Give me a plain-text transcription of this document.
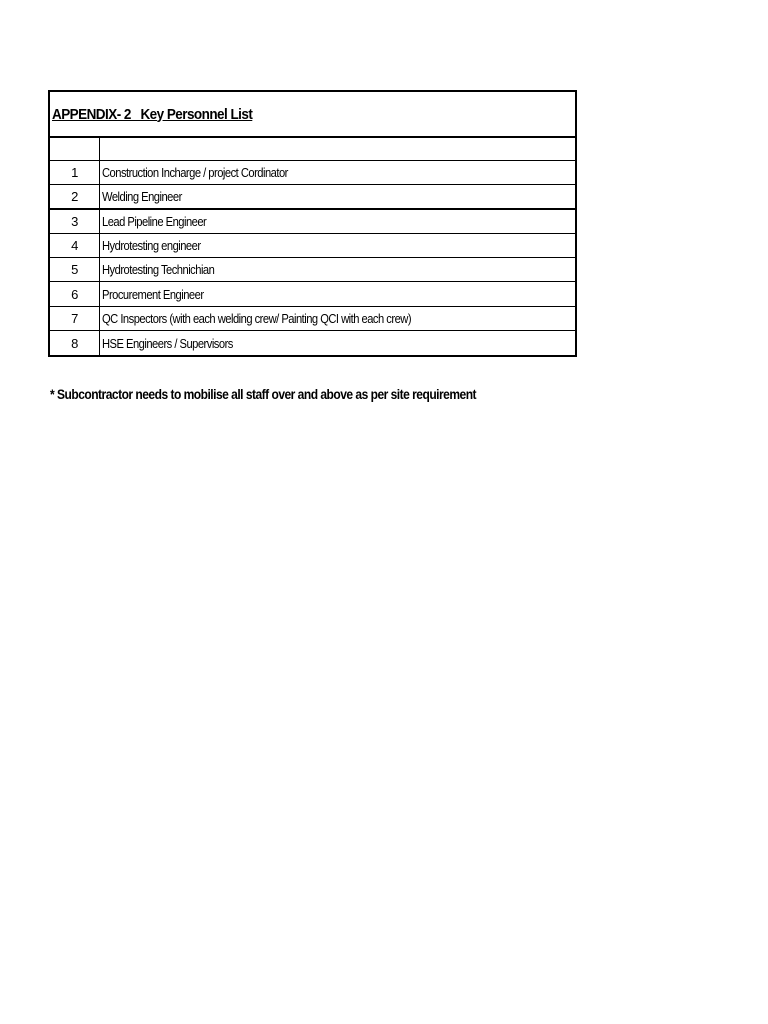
APPENDIX- 2   Key Personnel List
1	Construction Incharge / project Cordinator
2	Welding Engineer
3	Lead Pipeline Engineer
4	Hydrotesting engineer
5	Hydrotesting Technichian
6	Procurement Engineer
7	QC Inspectors (with each welding crew/ Painting QCI with each crew)
8	HSE Engineers / Supervisors
* Subcontractor needs to mobilise all staff over and above as per site requirement
